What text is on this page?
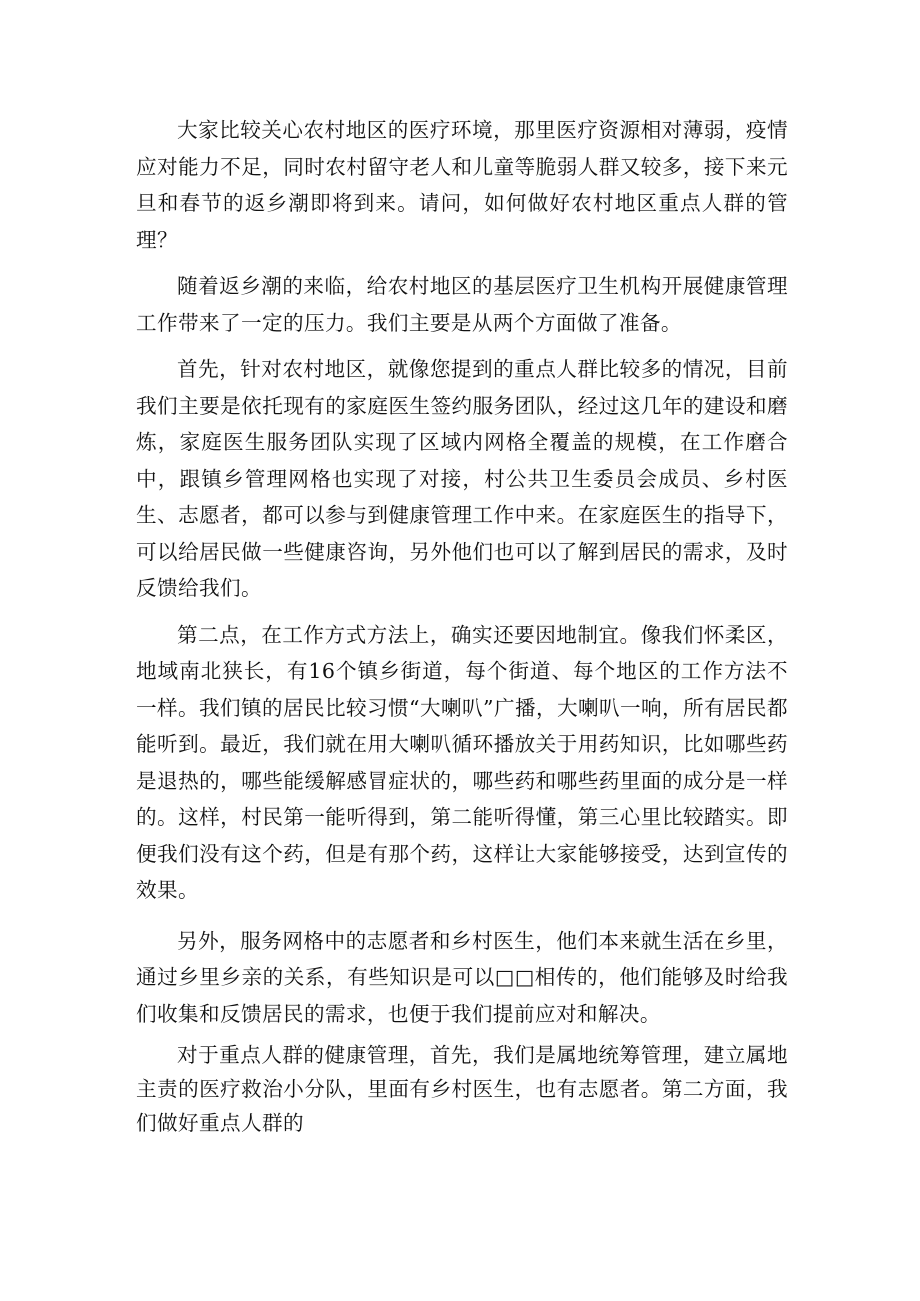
大家比较关心农村地区的医疗环境，那里医疗资源相对薄弱，疫情应对能力不足，同时农村留守老人和儿童等脆弱人群又较多，接下来元旦和春节的返乡潮即将到来。请问，如何做好农村地区重点人群的管理？

随着返乡潮的来临，给农村地区的基层医疗卫生机构开展健康管理工作带来了一定的压力。我们主要是从两个方面做了准备。

首先，针对农村地区，就像您提到的重点人群比较多的情况，目前我们主要是依托现有的家庭医生签约服务团队，经过这几年的建设和磨炼，家庭医生服务团队实现了区域内网格全覆盖的规模，在工作磨合中，跟镇乡管理网格也实现了对接，村公共卫生委员会成员、乡村医生、志愿者，都可以参与到健康管理工作中来。在家庭医生的指导下，可以给居民做一些健康咨询，另外他们也可以了解到居民的需求，及时反馈给我们。

第二点，在工作方式方法上，确实还要因地制宜。像我们怀柔区，地域南北狭长，有16个镇乡街道，每个街道、每个地区的工作方法不一样。我们镇的居民比较习惯“大喇叭”广播，大喇叭一响，所有居民都能听到。最近，我们就在用大喇叭循环播放关于用药知识，比如哪些药是退热的，哪些能缓解感冒症状的，哪些药和哪些药里面的成分是一样的。这样，村民第一能听得到，第二能听得懂，第三心里比较踏实。即便我们没有这个药，但是有那个药，这样让大家能够接受，达到宣传的效果。

另外，服务网格中的志愿者和乡村医生，他们本来就生活在乡里，通过乡里乡亲的关系，有些知识是可以□□相传的，他们能够及时给我们收集和反馈居民的需求，也便于我们提前应对和解决。

对于重点人群的健康管理，首先，我们是属地统筹管理，建立属地主责的医疗救治小分队，里面有乡村医生，也有志愿者。第二方面，我们做好重点人群的
